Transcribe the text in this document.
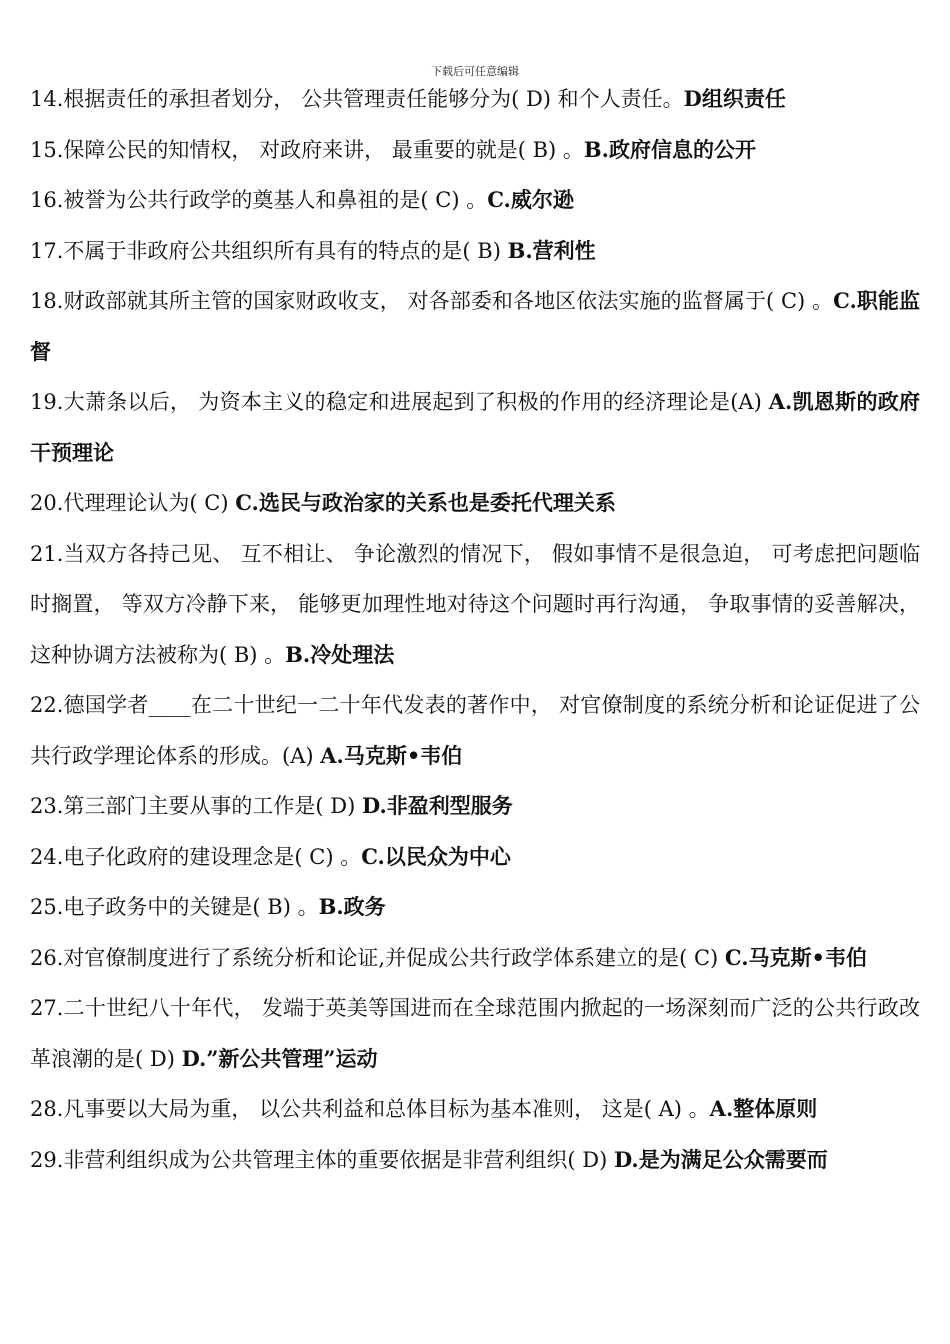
下载后可任意编辑
14.根据责任的承担者划分， 公共管理责任能够分为( D) 和个人责任。D组织责任
15.保障公民的知情权， 对政府来讲， 最重要的就是( B) 。B.政府信息的公开
16.被誉为公共行政学的奠基人和鼻祖的是( C) 。C.威尔逊
17.不属于非政府公共组织所有具有的特点的是( B) B.营利性
18.财政部就其所主管的国家财政收支， 对各部委和各地区依法实施的监督属于( C) 。C.职能监督
19.大萧条以后， 为资本主义的稳定和进展起到了积极的作用的经济理论是(A) A.凯恩斯的政府干预理论
20.代理理论认为( C) C.选民与政治家的关系也是委托代理关系
21.当双方各持己见、 互不相让、 争论激烈的情况下， 假如事情不是很急迫， 可考虑把问题临时搁置， 等双方冷静下来， 能够更加理性地对待这个问题时再行沟通， 争取事情的妥善解决， 这种协调方法被称为( B) 。B.冷处理法
22.德国学者____在二十世纪一二十年代发表的著作中， 对官僚制度的系统分析和论证促进了公共行政学理论体系的形成。(A) A.马克斯•韦伯
23.第三部门主要从事的工作是( D) D.非盈利型服务
24.电子化政府的建设理念是( C) 。C.以民众为中心
25.电子政务中的关键是( B) 。B.政务
26.对官僚制度进行了系统分析和论证,并促成公共行政学体系建立的是( C) C.马克斯•韦伯
27.二十世纪八十年代， 发端于英美等国进而在全球范围内掀起的一场深刻而广泛的公共行政改革浪潮的是( D) D.”新公共管理”运动
28.凡事要以大局为重， 以公共利益和总体目标为基本准则， 这是( A) 。A.整体原则
29.非营利组织成为公共管理主体的重要依据是非营利组织( D) D.是为满足公众需要而
